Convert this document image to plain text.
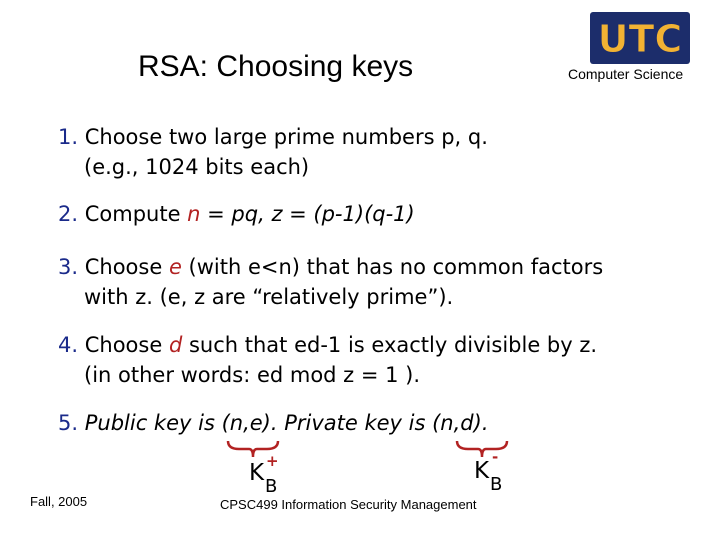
RSA: Choosing keys
UTC
Computer Science
1. Choose two large prime numbers p, q.
(e.g., 1024 bits each)
2. Compute n = pq, z = (p-1)(q-1)
3. Choose e (with e<n) that has no common factors
with z. (e, z are “relatively prime”).
4. Choose d such that ed-1 is exactly divisible by z.
(in other words: ed mod z = 1 ).
5. Public key is (n,e). Private key is (n,d).
K +
B
K
-
B
Fall, 2005	CPSC499 Information Security Management
